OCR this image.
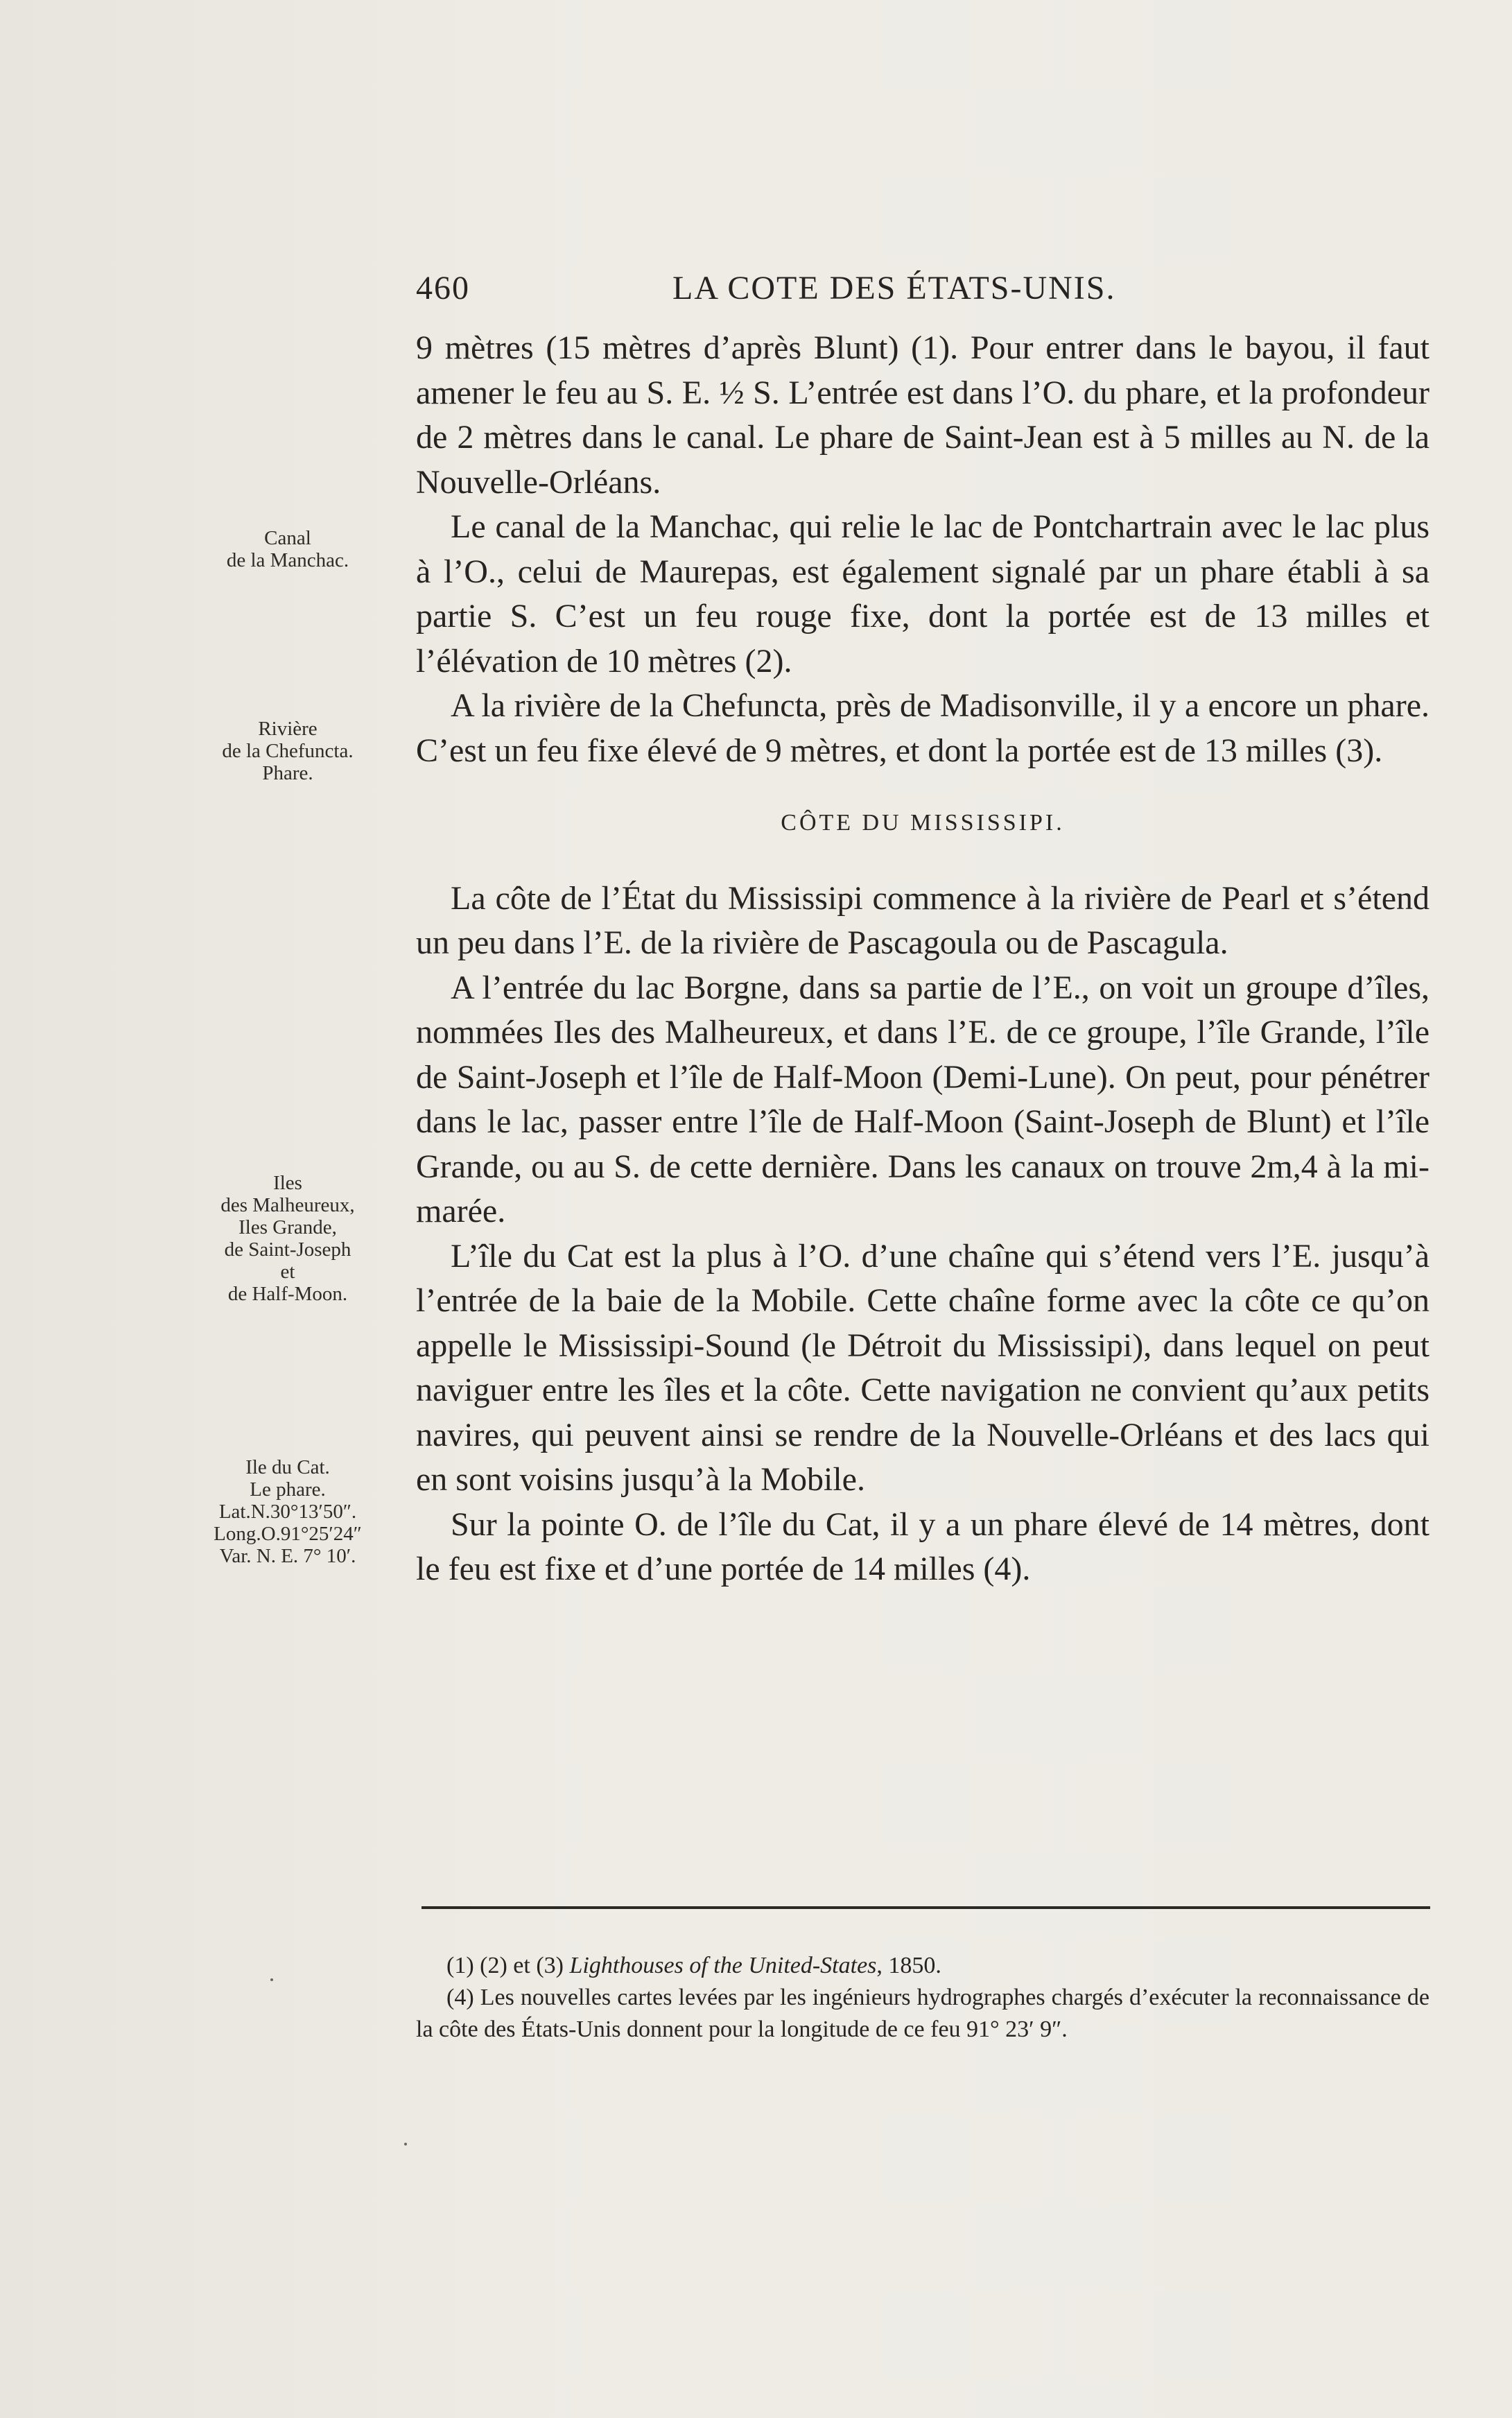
460	LA COTE DES ÉTATS-UNIS.
Canal
de la Manchac.
Rivière
de la Chefuncta.
Phare.
Iles
des Malheureux,
Iles Grande,
de Saint-Joseph
et
de Half-Moon.
Ile du Cat.
Le phare.
Lat.N.30°13′50″.
Long.O.91°25′24″
Var. N. E. 7° 10′.

9 mètres (15 mètres d’après Blunt) (1). Pour entrer dans le bayou, il faut amener le feu au S. E. ½ S. L’entrée est dans l’O. du phare, et la profondeur de 2 mètres dans le canal. Le phare de Saint-Jean est à 5 milles au N. de la Nouvelle-Orléans.

Le canal de la Manchac, qui relie le lac de Pontchartrain avec le lac plus à l’O., celui de Maurepas, est également signalé par un phare établi à sa partie S. C’est un feu rouge fixe, dont la portée est de 13 milles et l’élévation de 10 mètres (2).

A la rivière de la Chefuncta, près de Madisonville, il y a encore un phare. C’est un feu fixe élevé de 9 mètres, et dont la portée est de 13 milles (3).

CÔTE DU MISSISSIPI.

La côte de l’État du Mississipi commence à la rivière de Pearl et s’étend un peu dans l’E. de la rivière de Pascagoula ou de Pascagula.

A l’entrée du lac Borgne, dans sa partie de l’E., on voit un groupe d’îles, nommées Iles des Malheureux, et dans l’E. de ce groupe, l’île Grande, l’île de Saint-Joseph et l’île de Half-Moon (Demi-Lune). On peut, pour pénétrer dans le lac, passer entre l’île de Half-Moon (Saint-Joseph de Blunt) et l’île Grande, ou au S. de cette dernière. Dans les canaux on trouve 2m,4 à la mi-marée.

L’île du Cat est la plus à l’O. d’une chaîne qui s’étend vers l’E. jusqu’à l’entrée de la baie de la Mobile. Cette chaîne forme avec la côte ce qu’on appelle le Mississipi-Sound (le Détroit du Mississipi), dans lequel on peut naviguer entre les îles et la côte. Cette navigation ne convient qu’aux petits navires, qui peuvent ainsi se rendre de la Nouvelle-Orléans et des lacs qui en sont voisins jusqu’à la Mobile.

Sur la pointe O. de l’île du Cat, il y a un phare élevé de 14 mètres, dont le feu est fixe et d’une portée de 14 milles (4).

(1) (2) et (3) Lighthouses of the United-States, 1850.

(4) Les nouvelles cartes levées par les ingénieurs hydrographes chargés d’exécuter la reconnaissance de la côte des États-Unis donnent pour la longitude de ce feu 91° 23′ 9″.
